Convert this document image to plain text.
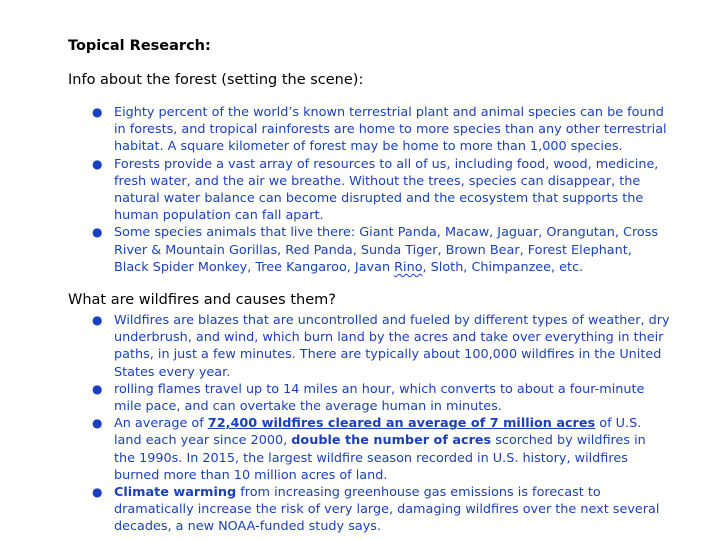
Topical Research:
Info about the forest (setting the scene):
● Eighty percent of the world’s known terrestrial plant and animal species can be found in forests, and tropical rainforests are home to more species than any other terrestrial habitat. A square kilometer of forest may be home to more than 1,000 species.
● Forests provide a vast array of resources to all of us, including food, wood, medicine, fresh water, and the air we breathe. Without the trees, species can disappear, the natural water balance can become disrupted and the ecosystem that supports the human population can fall apart.
● Some species animals that live there: Giant Panda, Macaw, Jaguar, Orangutan, Cross River & Mountain Gorillas, Red Panda, Sunda Tiger, Brown Bear, Forest Elephant, Black Spider Monkey, Tree Kangaroo, Javan Rino, Sloth, Chimpanzee, etc.
What are wildfires and causes them?
● Wildfires are blazes that are uncontrolled and fueled by different types of weather, dry underbrush, and wind, which burn land by the acres and take over everything in their paths, in just a few minutes. There are typically about 100,000 wildfires in the United States every year.
● rolling flames travel up to 14 miles an hour, which converts to about a four-minute mile pace, and can overtake the average human in minutes.
● An average of 72,400 wildfires cleared an average of 7 million acres of U.S. land each year since 2000, double the number of acres scorched by wildfires in the 1990s. In 2015, the largest wildfire season recorded in U.S. history, wildfires burned more than 10 million acres of land.
● Climate warming from increasing greenhouse gas emissions is forecast to dramatically increase the risk of very large, damaging wildfires over the next several decades, a new NOAA-funded study says.
